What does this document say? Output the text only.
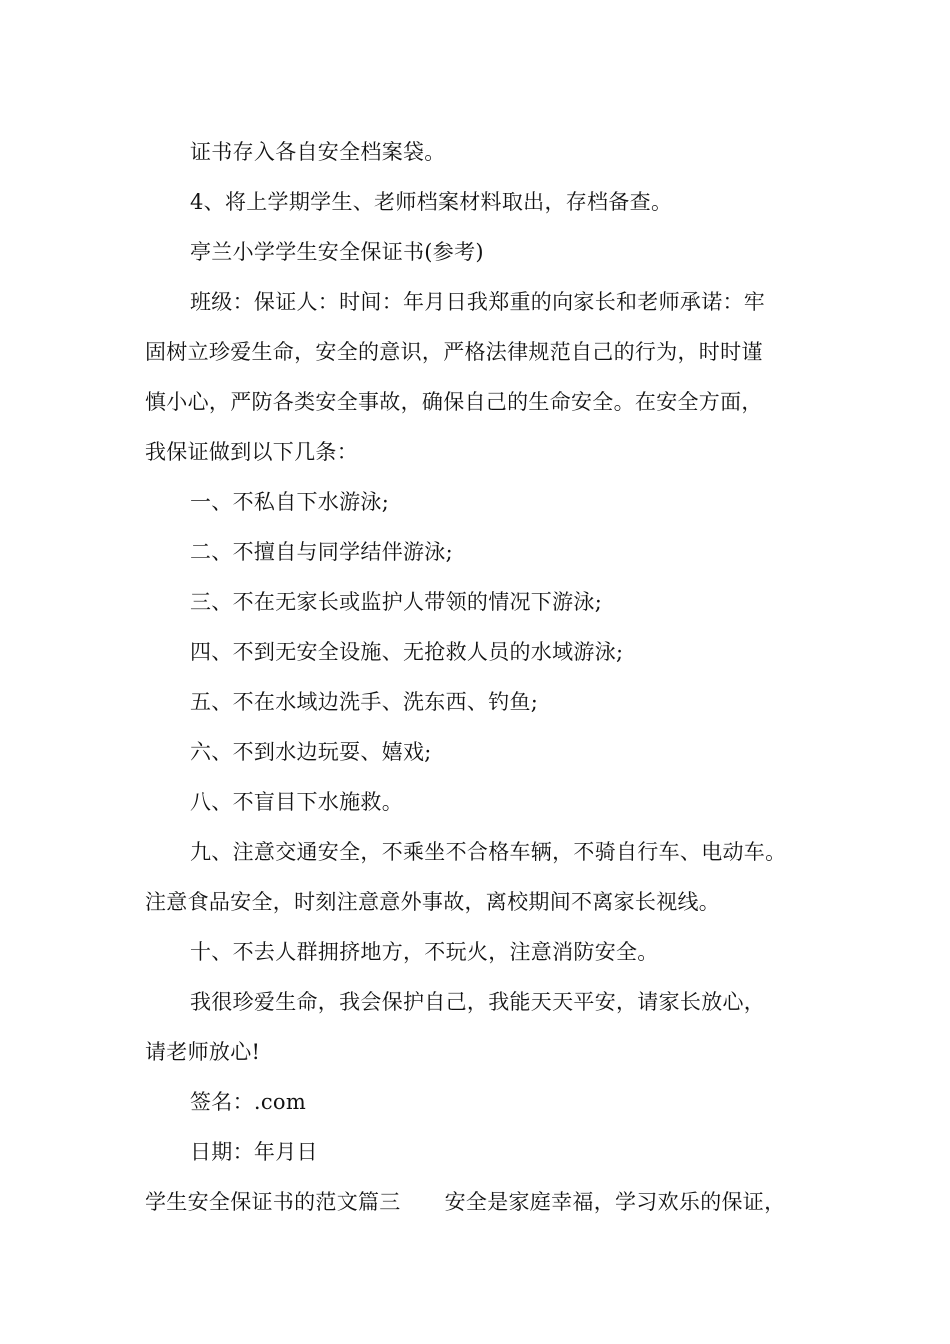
证书存入各自安全档案袋。
4、将上学期学生、老师档案材料取出，存档备查。
亭兰小学学生安全保证书(参考)
班级：保证人：时间：年月日我郑重的向家长和老师承诺：牢
固树立珍爱生命，安全的意识，严格法律规范自己的行为，时时谨
慎小心，严防各类安全事故，确保自己的生命安全。在安全方面，
我保证做到以下几条：
一、不私自下水游泳;
二、不擅自与同学结伴游泳;
三、不在无家长或监护人带领的情况下游泳;
四、不到无安全设施、无抢救人员的水域游泳;
五、不在水域边洗手、洗东西、钓鱼;
六、不到水边玩耍、嬉戏;
八、不盲目下水施救。
九、注意交通安全，不乘坐不合格车辆，不骑自行车、电动车。
注意食品安全，时刻注意意外事故，离校期间不离家长视线。
十、不去人群拥挤地方，不玩火，注意消防安全。
我很珍爱生命，我会保护自己，我能天天平安，请家长放心，
请老师放心!
签名：.com
日期：年月日
学生安全保证书的范文篇三 安全是家庭幸福，学习欢乐的保证，
